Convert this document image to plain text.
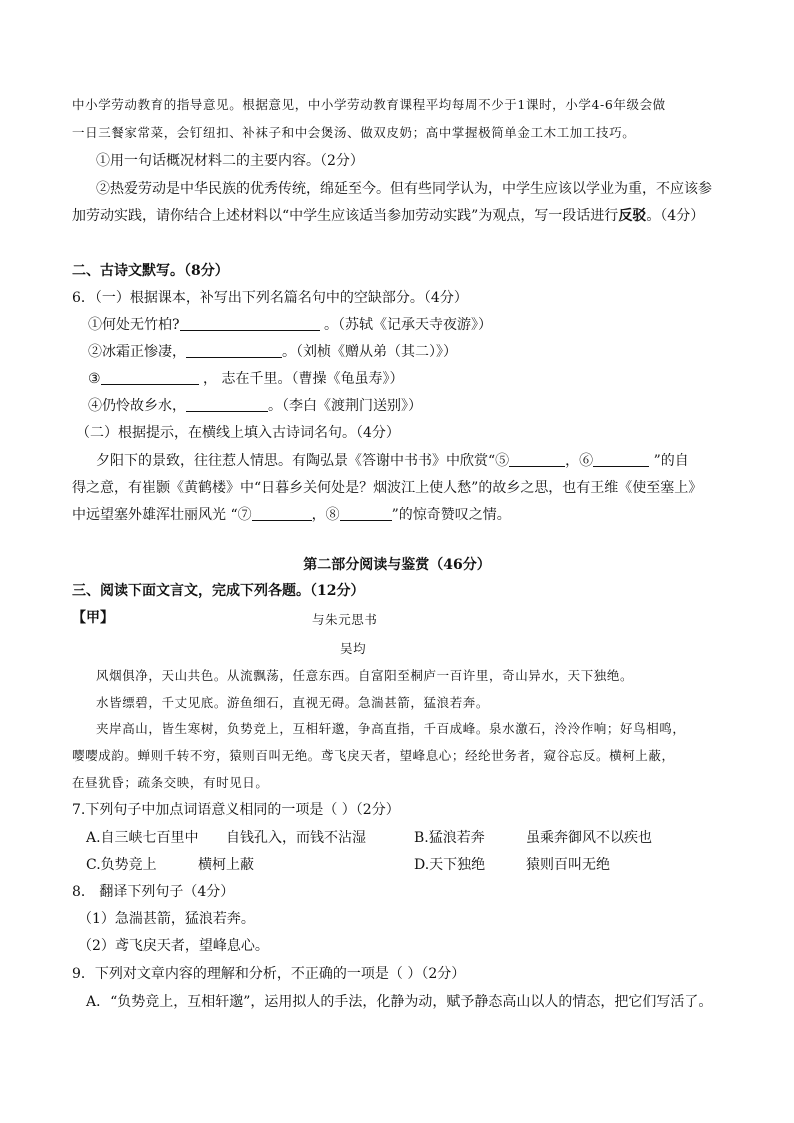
中小学劳动教育的指导意见。根据意见，中小学劳动教育课程平均每周不少于1课时，小学4-6年级会做
一日三餐家常菜，会钉纽扣、补袜子和中会煲汤、做双皮奶；高中掌握极简单金工木工加工技巧。
①用一句话概况材料二的主要内容。（2分）
②热爱劳动是中华民族的优秀传统，绵延至今。但有些同学认为，中学生应该以学业为重，不应该参
加劳动实践，请你结合上述材料以“中学生应该适当参加劳动实践”为观点，写一段话进行反驳。（4分）
二、古诗文默写。（8分）
6．（一）根据课本，补写出下列名篇名句中的空缺部分。（4分）
①何处无竹柏?	。（苏轼《记承天寺夜游》）
②冰霜正惨凄，	。（刘桢《赠从弟（其二）》）
③	， 志在千里。（曹操《龟虽寿》）
④仍怜故乡水，	。（李白《渡荆门送别》）
（二）根据提示，在横线上填入古诗词名句。（4分）
夕阳下的景致，往往惹人情思。有陶弘景《答谢中书书》中欣赏“⑤	，⑥	”的自
得之意，有崔颢《黄鹤楼》中“日暮乡关何处是？烟波江上使人愁”的故乡之思，也有王维《使至塞上》
中远望塞外雄浑壮丽风光 “⑦	，⑧	”的惊奇赞叹之情。
第二部分阅读与鉴赏（46分）
三、阅读下面文言文，完成下列各题。（12分）
【甲】	与朱元思书
吴均
风烟俱净，天山共色。从流飘荡，任意东西。自富阳至桐庐一百许里，奇山异水，天下独绝。
水皆缥碧，千丈见底。游鱼细石，直视无碍。急湍甚箭，猛浪若奔。
夹岸高山，皆生寒树，负势竞上，互相轩邈，争高直指，千百成峰。泉水激石，泠泠作响；好鸟相鸣，
嘤嘤成韵。蝉则千转不穷，猿则百叫无绝。鸢飞戾天者，望峰息心；经纶世务者，窥谷忘反。横柯上蔽，
在昼犹昏；疏条交映，有时见日。
7.下列句子中加点词语意义相同的一项是（ ）（2分）
A.自三峡七百里中 自钱孔入，而钱不沾湿	B.猛浪若奔	虽乘奔御风不以疾也
C.负势竞上	横柯上蔽	D.天下独绝	猿则百叫无绝
8． 翻译下列句子（4分）
（1）急湍甚箭，猛浪若奔。
（2）鸢飞戾天者，望峰息心。
9．下列对文章内容的理解和分析，不正确的一项是（ ）（2分）
A．“负势竞上，互相轩邈”，运用拟人的手法，化静为动，赋予静态高山以人的情态，把它们写活了。
